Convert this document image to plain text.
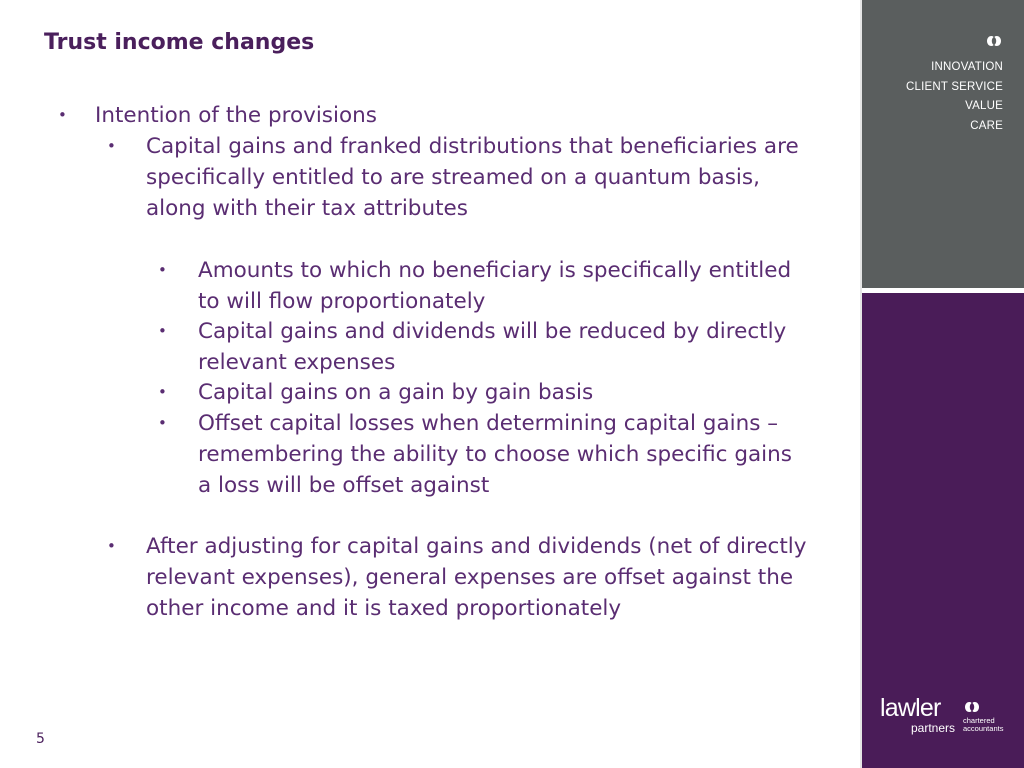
Trust income changes
• Intention of the provisions
• Capital gains and franked distributions that beneficiaries are specifically entitled to are streamed on a quantum basis, along with their tax attributes
• Amounts to which no beneficiary is specifically entitled to will flow proportionately
• Capital gains and dividends will be reduced by directly relevant expenses
• Capital gains on a gain by gain basis
• Offset capital losses when determining capital gains – remembering the ability to choose which specific gains a loss will be offset against
• After adjusting for capital gains and dividends (net of directly relevant expenses), general expenses are offset against the other income and it is taxed proportionately
5
INNOVATION
CLIENT SERVICE
VALUE
CARE
lawler
partners
chartered
accountants
